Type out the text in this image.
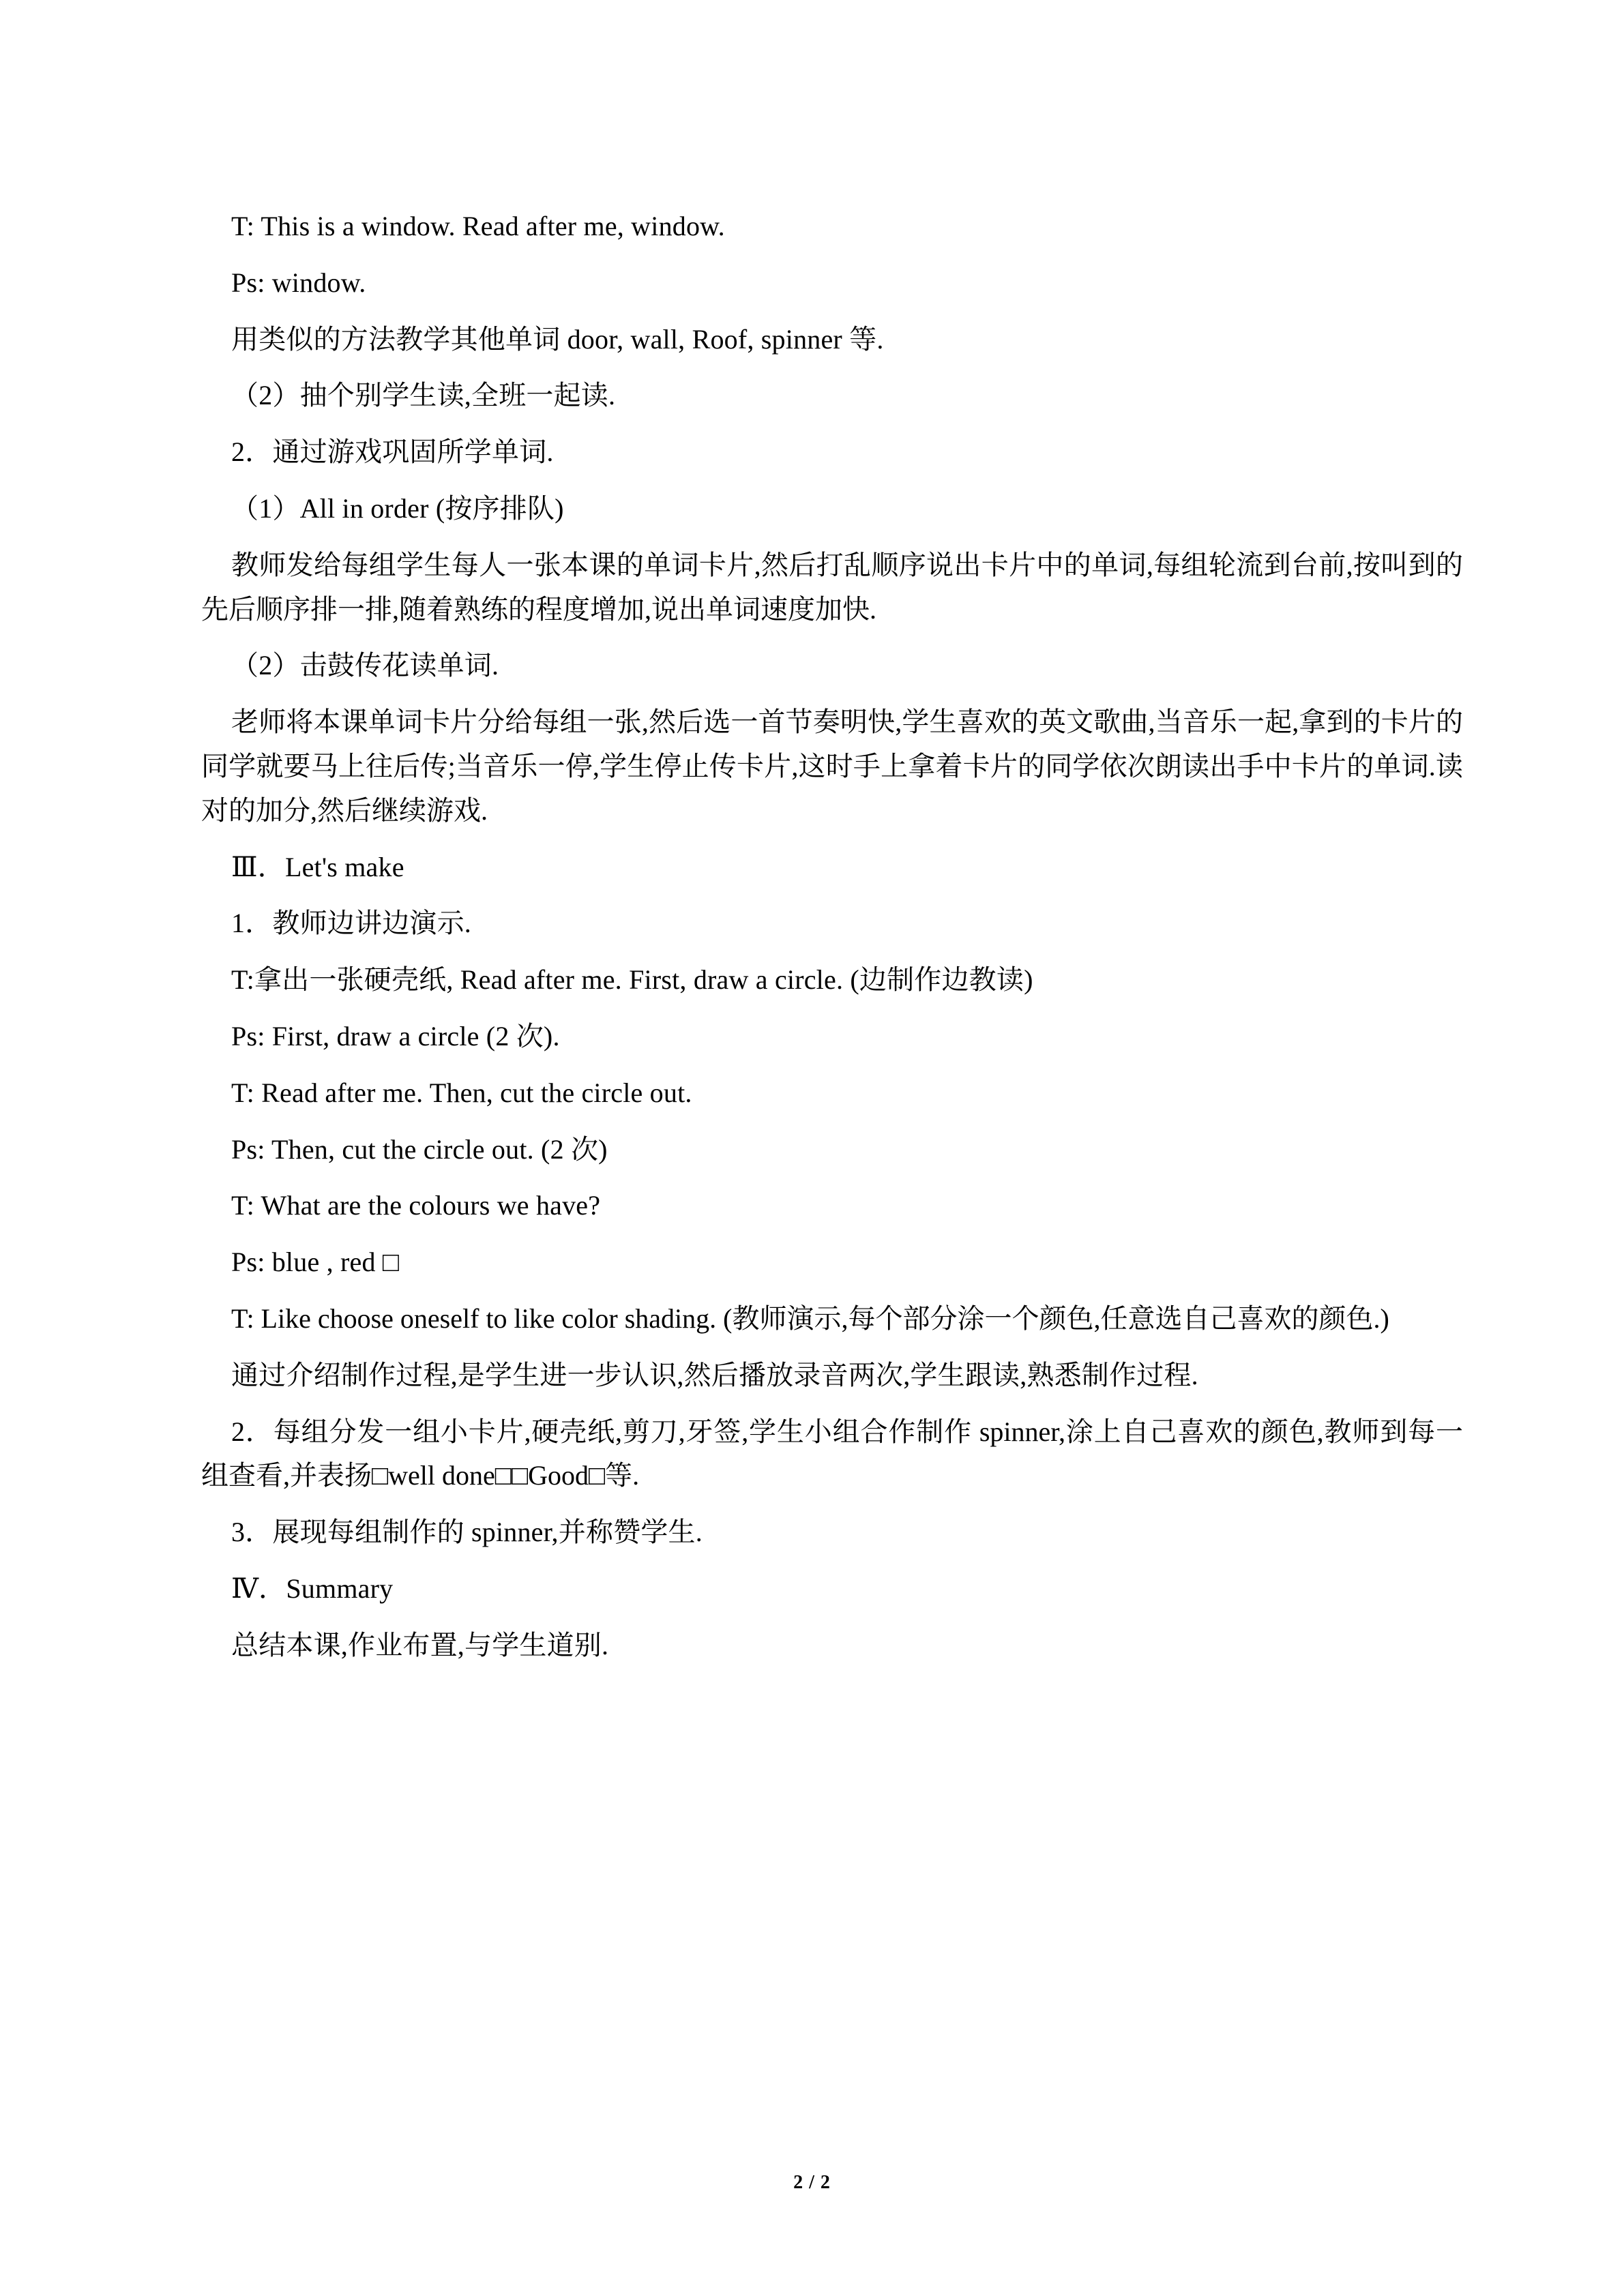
T: This is a window. Read after me, window.

Ps: window.

用类似的方法教学其他单词 door, wall, Roof, spinner 等.

（2）抽个别学生读,全班一起读.

2．通过游戏巩固所学单词.

（1）All in order (按序排队)

教师发给每组学生每人一张本课的单词卡片,然后打乱顺序说出卡片中的单词,每组轮流到台前,按叫到的先后顺序排一排,随着熟练的程度增加,说出单词速度加快.

（2）击鼓传花读单词.

老师将本课单词卡片分给每组一张,然后选一首节奏明快,学生喜欢的英文歌曲,当音乐一起,拿到的卡片的同学就要马上往后传;当音乐一停,学生停止传卡片,这时手上拿着卡片的同学依次朗读出手中卡片的单词.读对的加分,然后继续游戏.

Ⅲ．Let's make

1．教师边讲边演示.

T:拿出一张硬壳纸, Read after me. First, draw a circle. (边制作边教读)

Ps: First, draw a circle (2 次).

T: Read after me. Then, cut the circle out.

Ps: Then, cut the circle out. (2 次)

T: What are the colours we have?

Ps: blue , red □

T: Like choose oneself to like color shading. (教师演示,每个部分涂一个颜色,任意选自己喜欢的颜色.)

通过介绍制作过程,是学生进一步认识,然后播放录音两次,学生跟读,熟悉制作过程.

2．每组分发一组小卡片,硬壳纸,剪刀,牙签,学生小组合作制作 spinner,涂上自己喜欢的颜色,教师到每一组查看,并表扬□well done□□Good□等.

3．展现每组制作的 spinner,并称赞学生.

Ⅳ．Summary

总结本课,作业布置,与学生道别.

2 / 2
